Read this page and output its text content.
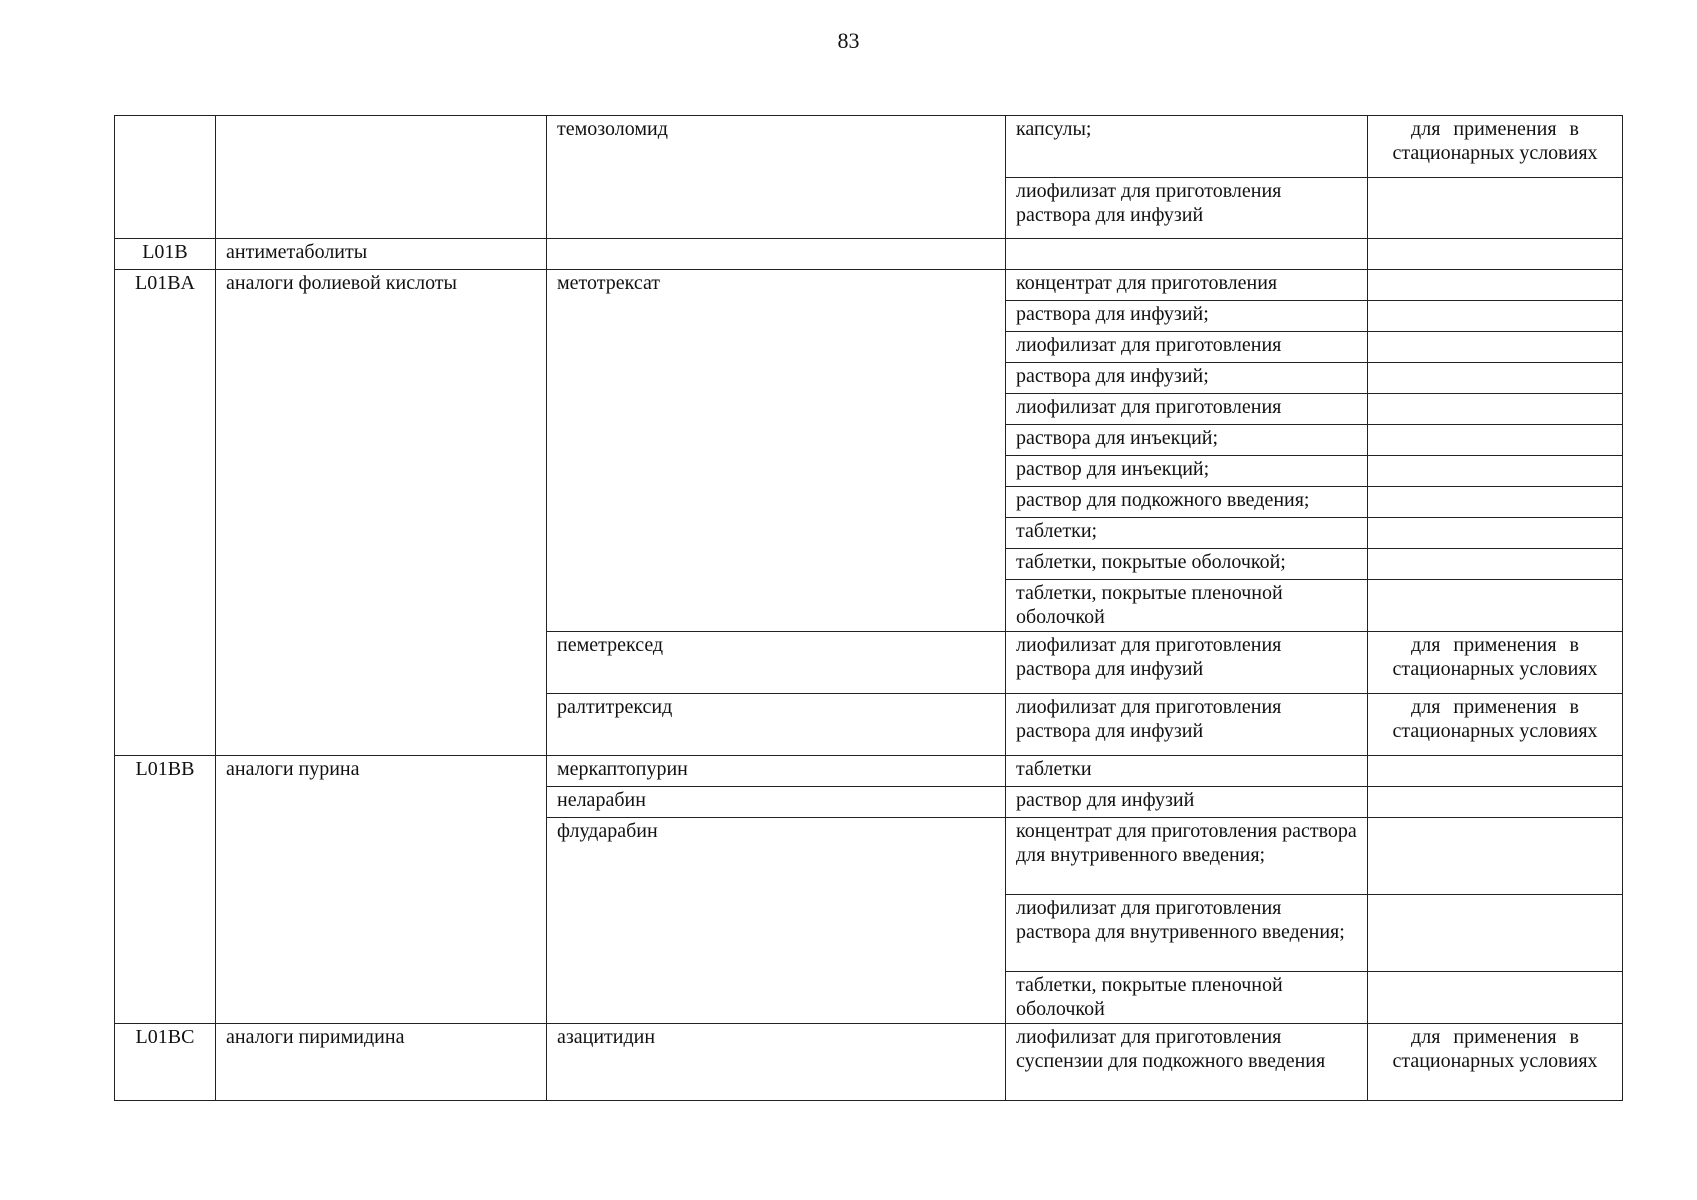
83
		темозоломид	капсулы;	для применения в
стационарных условиях

			лиофилизат для приготовления раствора для инфузий	
L01B	антиметаболиты			
L01BA	аналоги фолиевой кислоты	метотрексат	концентрат для приготовления	
			раствора для инфузий;	
			лиофилизат для приготовления	
			раствора для инфузий;	
			лиофилизат для приготовления	
			раствора для инъекций;	
			раствор для инъекций;	
			раствор для подкожного введения;	
			таблетки;	
			таблетки, покрытые оболочкой;	
			таблетки, покрытые пленочной оболочкой	
		пеметрексед	лиофилизат для приготовления раствора для инфузий	для применения в
стационарных условиях

		ралтитрексид	лиофилизат для приготовления раствора для инфузий	для применения в
стационарных условиях

L01BB	аналоги пурина	меркаптопурин	таблетки	
		неларабин	раствор для инфузий	
		флударабин	концентрат для приготовления раствора для внутривенного введения;	
			лиофилизат для приготовления раствора для внутривенного введения;	
			таблетки, покрытые пленочной оболочкой	
L01BC	аналоги пиримидина	азацитидин	лиофилизат для приготовления суспензии для подкожного введения	для применения в
стационарных условиях
